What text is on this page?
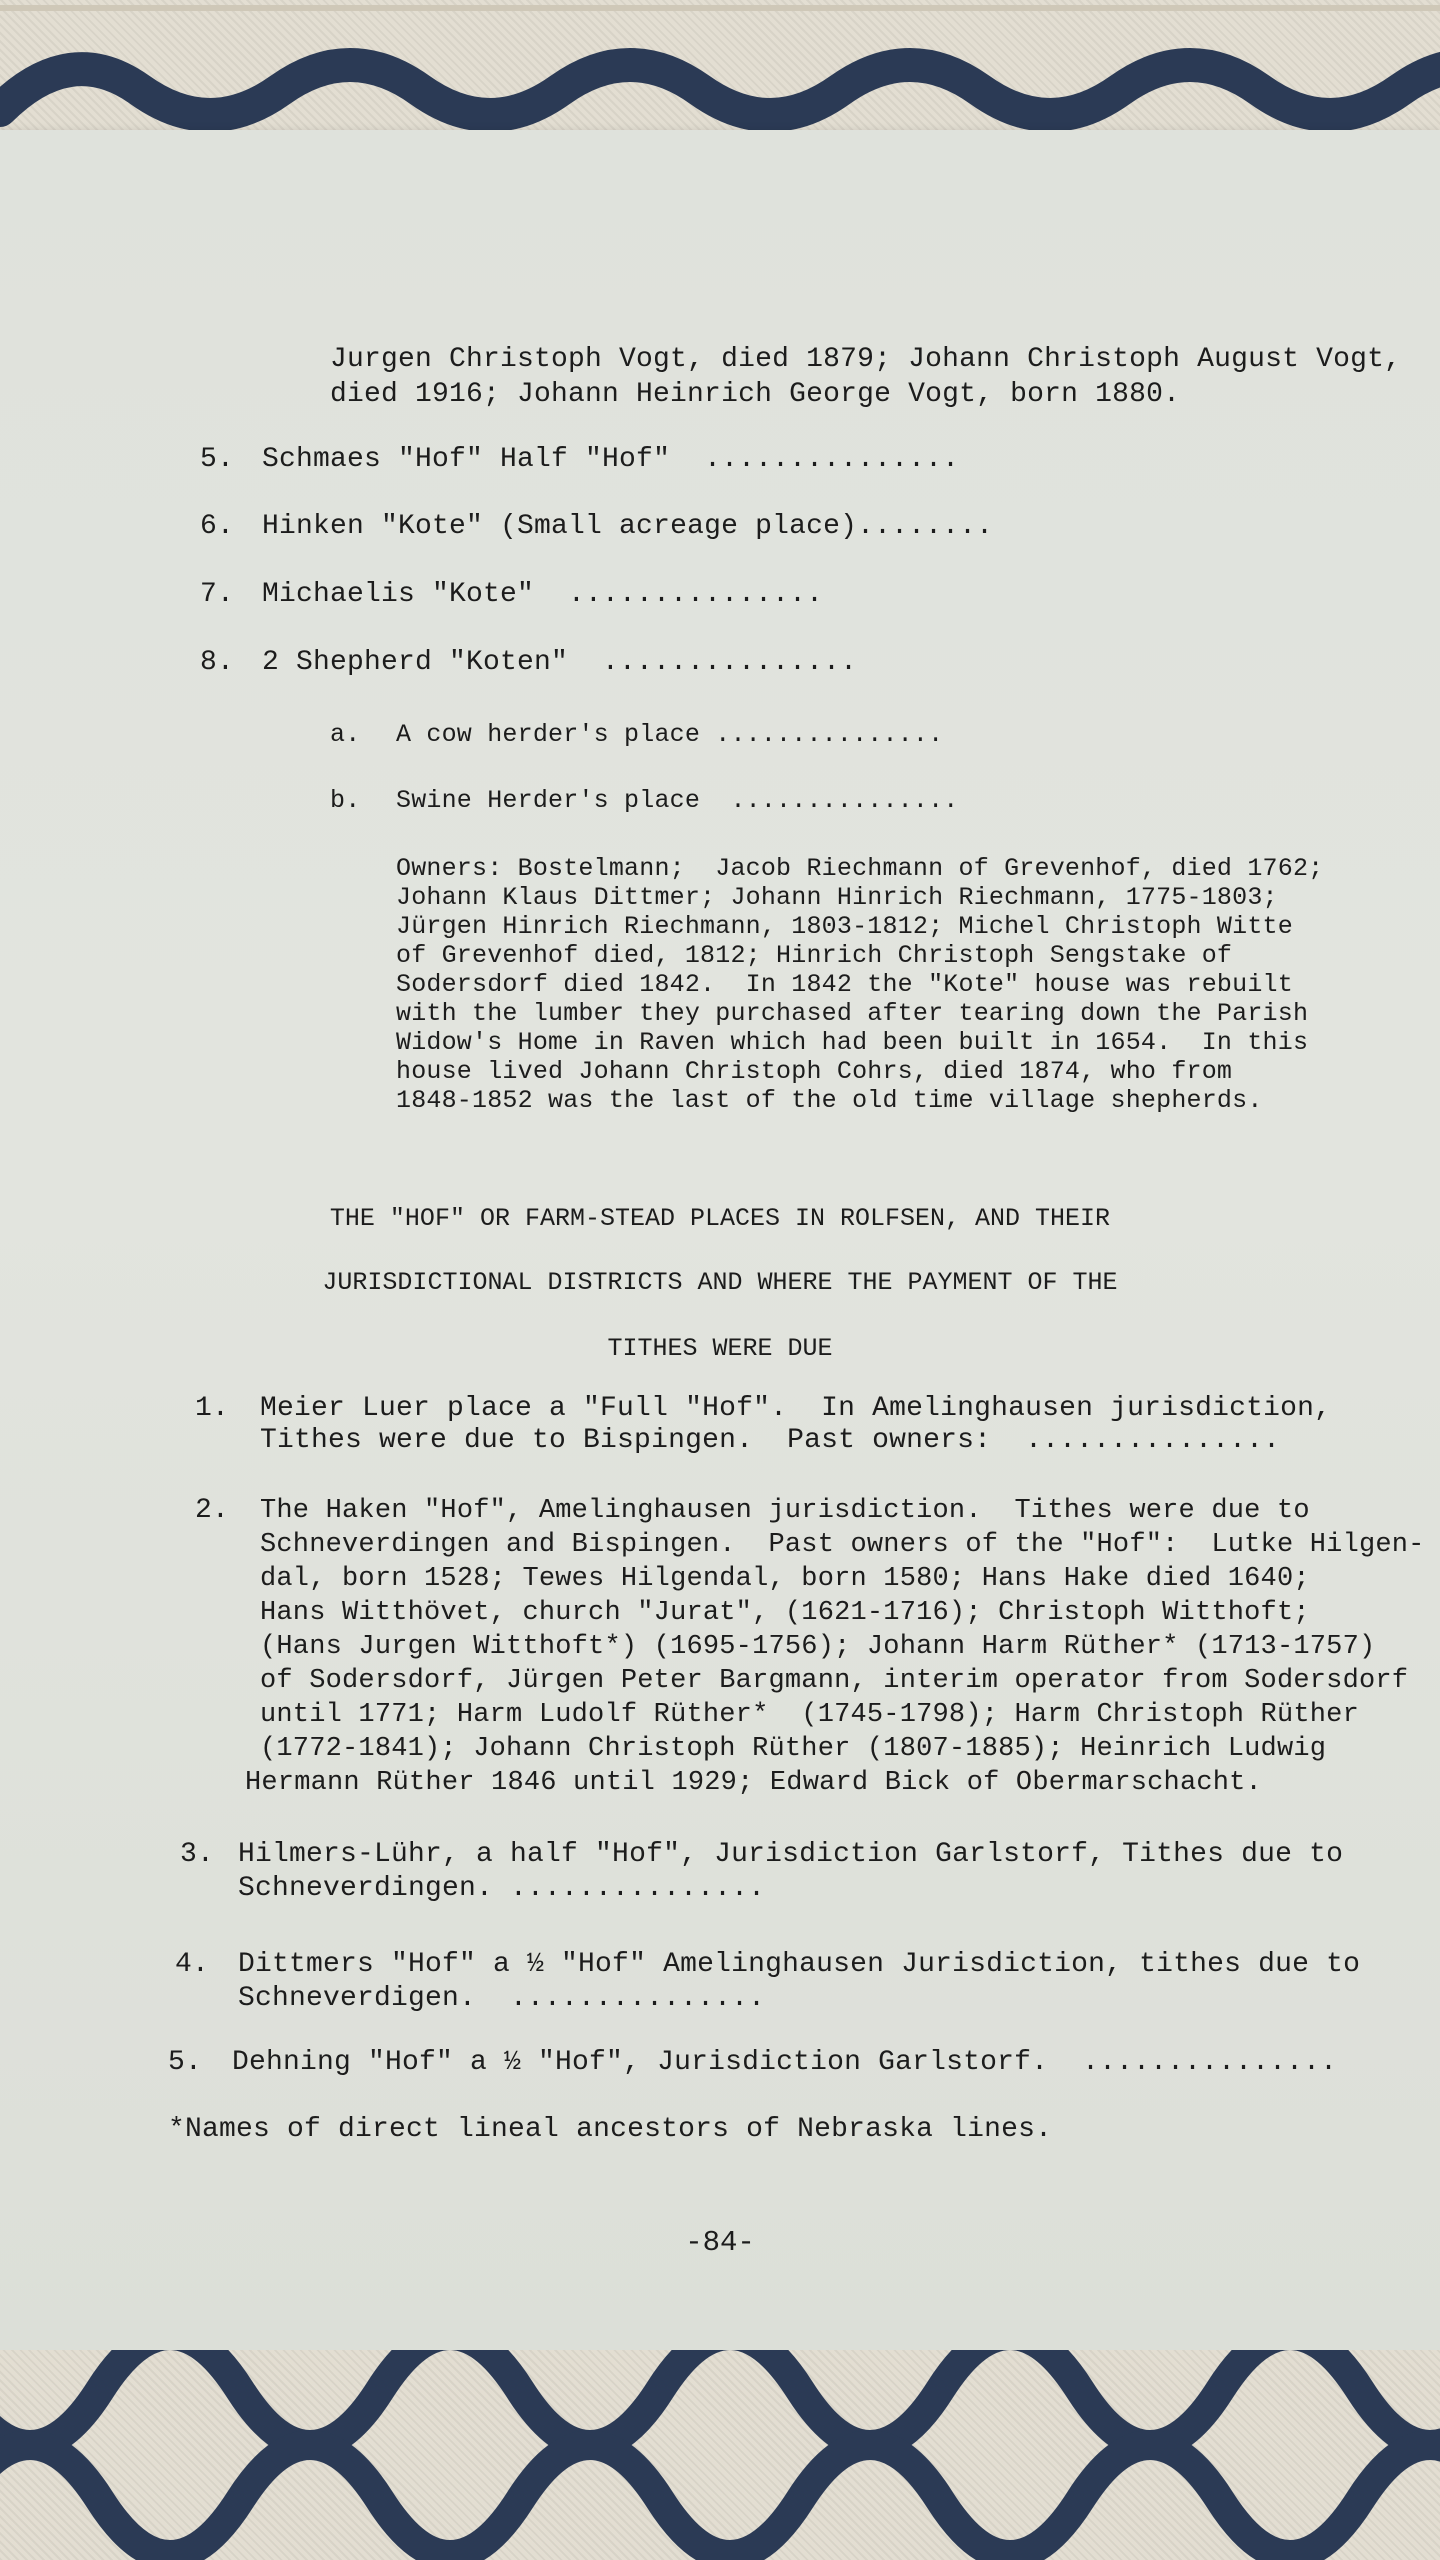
Jurgen Christoph Vogt, died 1879; Johann Christoph August Vogt,
died 1916; Johann Heinrich George Vogt, born 1880.
5. Schmaes "Hof" Half "Hof"  ...............
6. Hinken "Kote" (Small acreage place)........
7. Michaelis "Kote"  ...............
8. 2 Shepherd "Koten"  ...............
a. A cow herder's place ...............
b. Swine Herder's place  ...............
Owners: Bostelmann;  Jacob Riechmann of Grevenhof, died 1762;
Johann Klaus Dittmer; Johann Hinrich Riechmann, 1775-1803;
Jürgen Hinrich Riechmann, 1803-1812; Michel Christoph Witte
of Grevenhof died, 1812; Hinrich Christoph Sengstake of
Sodersdorf died 1842.  In 1842 the "Kote" house was rebuilt
with the lumber they purchased after tearing down the Parish
Widow's Home in Raven which had been built in 1654.  In this
house lived Johann Christoph Cohrs, died 1874, who from
1848-1852 was the last of the old time village shepherds.
THE "HOF" OR FARM-STEAD PLACES IN ROLFSEN, AND THEIR
JURISDICTIONAL DISTRICTS AND WHERE THE PAYMENT OF THE
TITHES WERE DUE
1. Meier Luer place a "Full "Hof".  In Amelinghausen jurisdiction,
Tithes were due to Bispingen.  Past owners:  ...............
2. The Haken "Hof", Amelinghausen jurisdiction.  Tithes were due to
Schneverdingen and Bispingen.  Past owners of the "Hof":  Lutke Hilgen-
dal, born 1528; Tewes Hilgendal, born 1580; Hans Hake died 1640;
Hans Witthövet, church "Jurat", (1621-1716); Christoph Witthoft;
(Hans Jurgen Witthoft*) (1695-1756); Johann Harm Rüther* (1713-1757)
of Sodersdorf, Jürgen Peter Bargmann, interim operator from Sodersdorf
until 1771; Harm Ludolf Rüther*  (1745-1798); Harm Christoph Rüther
(1772-1841); Johann Christoph Rüther (1807-1885); Heinrich Ludwig
Hermann Rüther 1846 until 1929; Edward Bick of Obermarschacht.
3. Hilmers-Lühr, a half "Hof", Jurisdiction Garlstorf, Tithes due to
Schneverdingen. ...............
4. Dittmers "Hof" a ½ "Hof" Amelinghausen Jurisdiction, tithes due to
Schneverdigen.  ...............
5. Dehning "Hof" a ½ "Hof", Jurisdiction Garlstorf.  ...............
*Names of direct lineal ancestors of Nebraska lines.
-84-
